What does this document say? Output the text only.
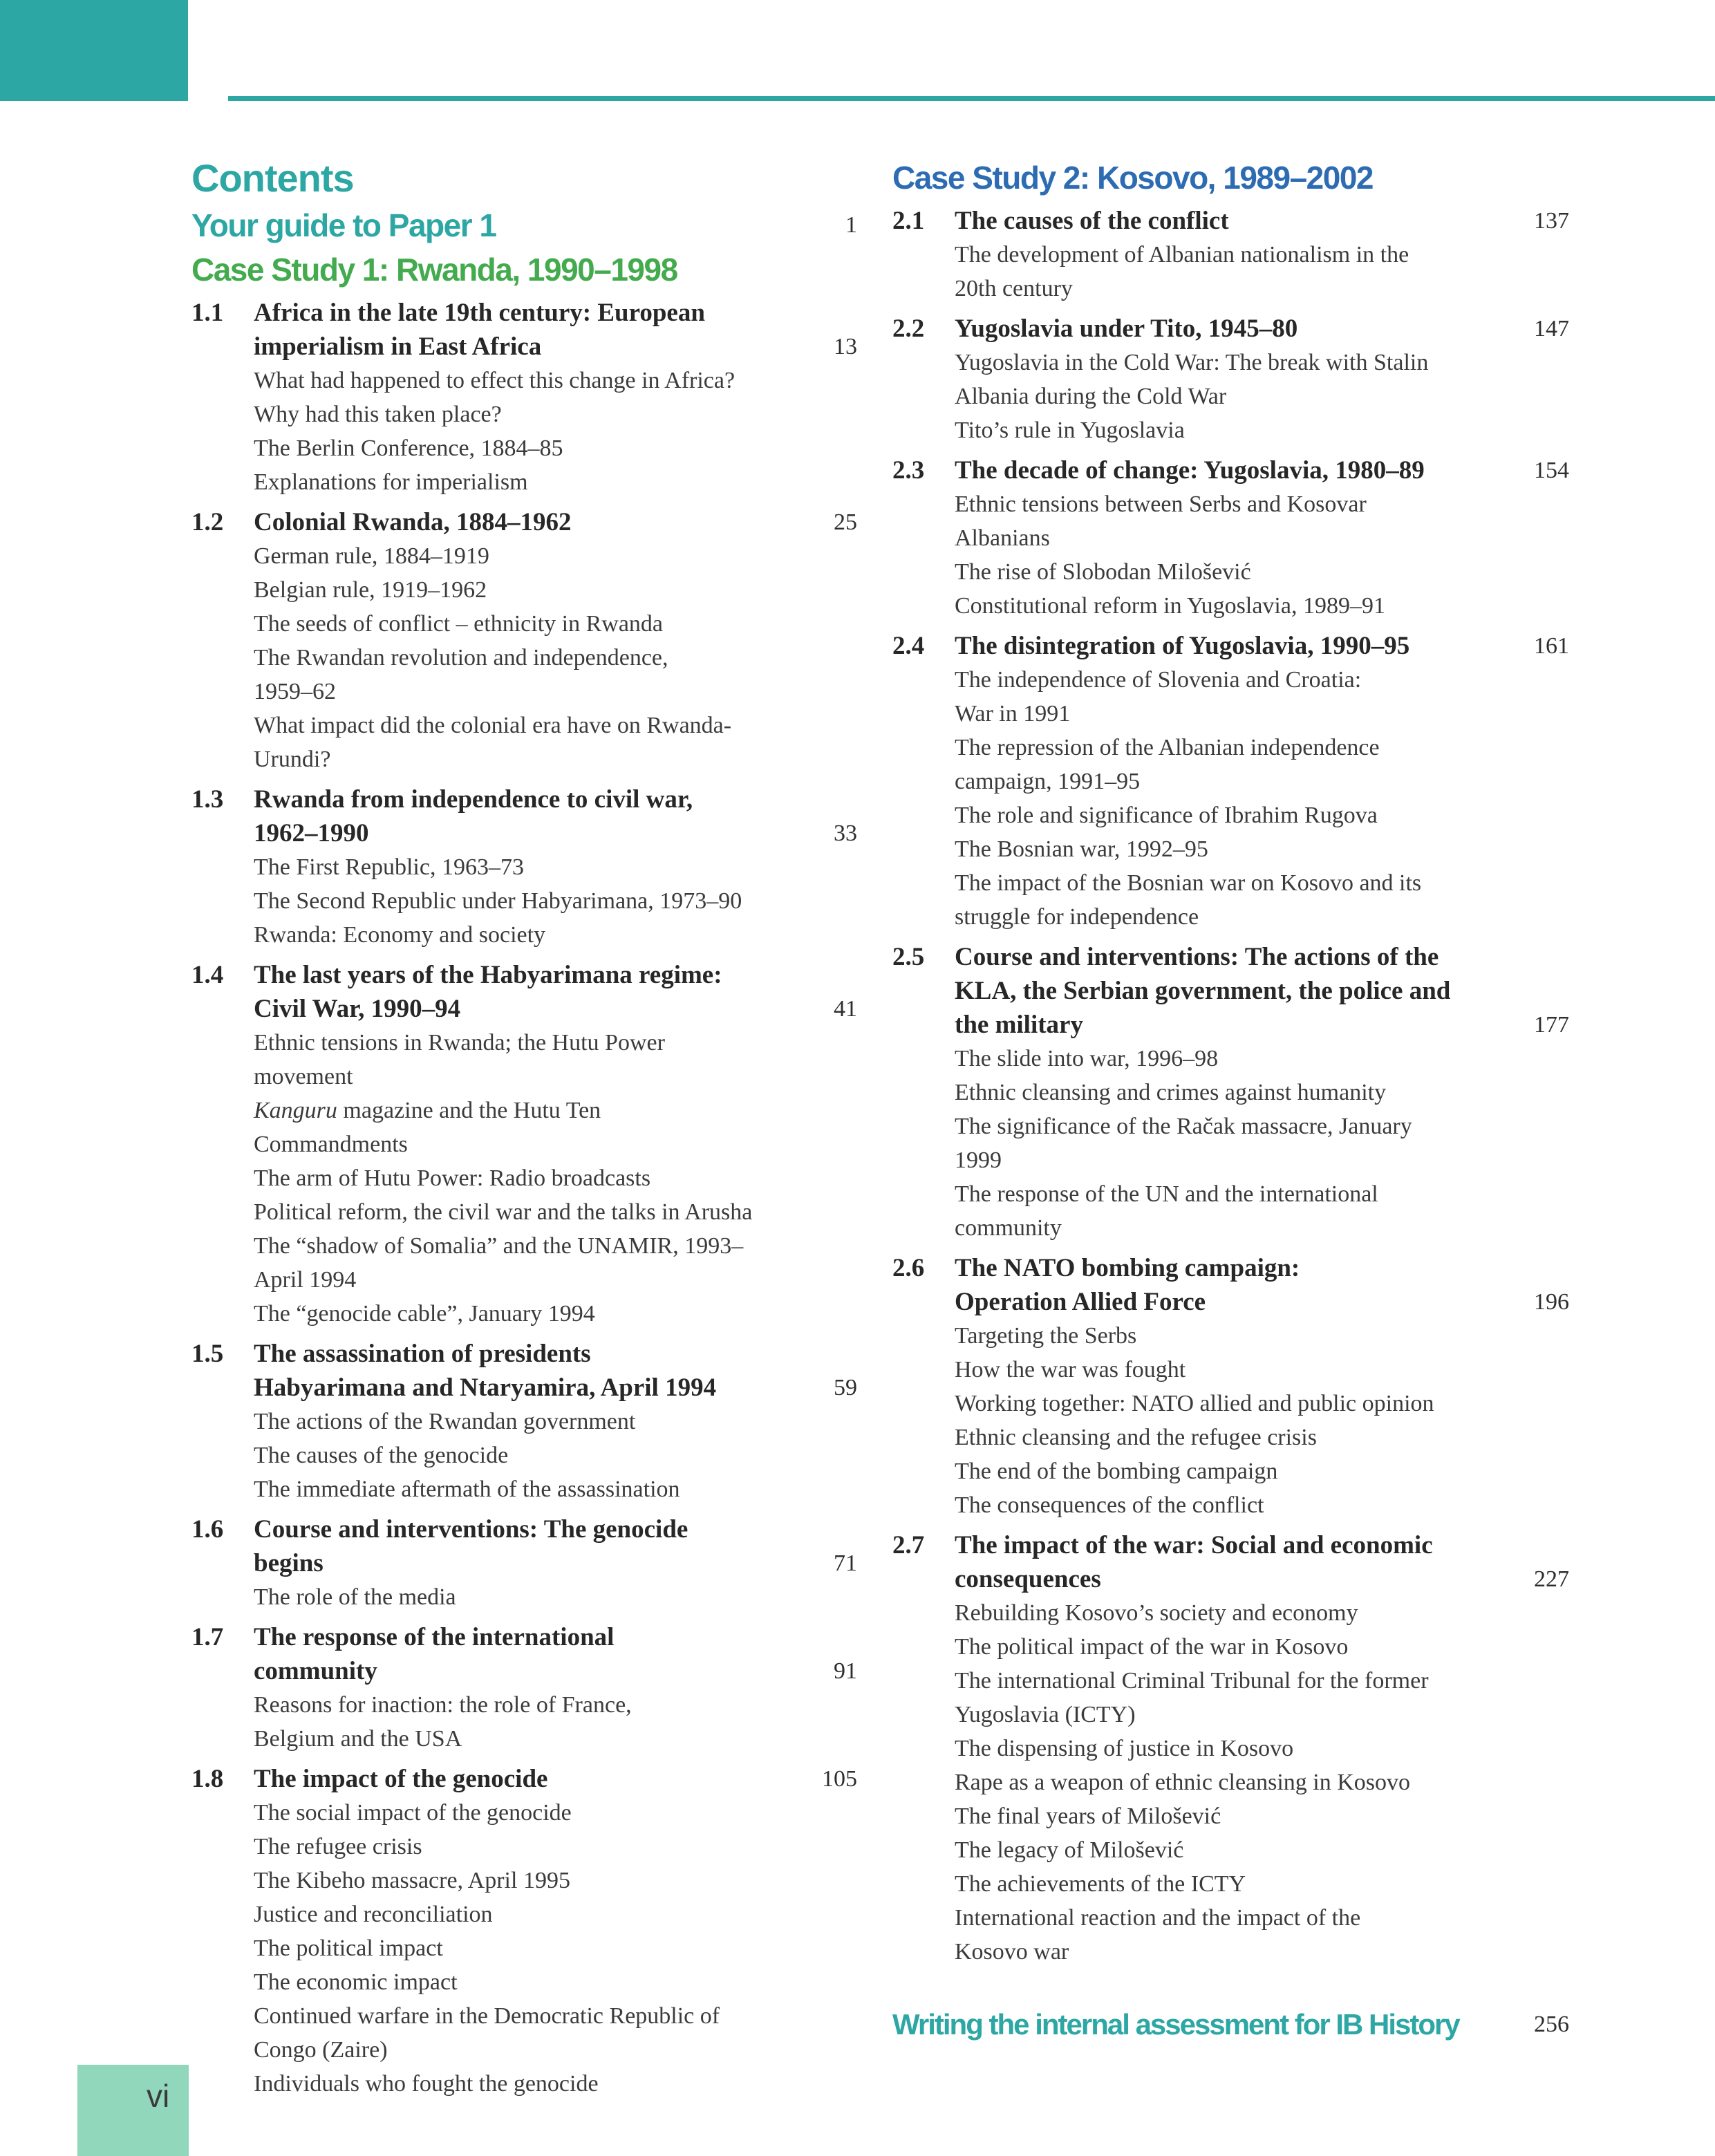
Contents
Your guide to Paper 1	1
Case Study 1: Rwanda, 1990–1998
1.1 Africa in the late 19th century: European
imperialism in East Africa	13
What had happened to effect this change in Africa?
Why had this taken place?
The Berlin Conference, 1884–85
Explanations for imperialism
1.2 Colonial Rwanda, 1884–1962	25
German rule, 1884–1919
Belgian rule, 1919–1962
The seeds of conflict – ethnicity in Rwanda
The Rwandan revolution and independence,
1959–62
What impact did the colonial era have on Rwanda-
Urundi?
1.3 Rwanda from independence to civil war,
1962–1990	33
The First Republic, 1963–73
The Second Republic under Habyarimana, 1973–90
Rwanda: Economy and society
1.4 The last years of the Habyarimana regime:
Civil War, 1990–94	41
Ethnic tensions in Rwanda; the Hutu Power movement
Kanguru magazine and the Hutu Ten
Commandments
The arm of Hutu Power: Radio broadcasts
Political reform, the civil war and the talks in Arusha
The “shadow of Somalia” and the UNAMIR, 1993–
April 1994
The “genocide cable”, January 1994
1.5 The assassination of presidents
Habyarimana and Ntaryamira, April 1994	59
The actions of the Rwandan government
The causes of the genocide
The immediate aftermath of the assassination
1.6 Course and interventions: The genocide
begins	71
The role of the media
1.7 The response of the international
community	91
Reasons for inaction: the role of France,
Belgium and the USA
1.8 The impact of the genocide	105
The social impact of the genocide
The refugee crisis
The Kibeho massacre, April 1995
Justice and reconciliation
The political impact
The economic impact
Continued warfare in the Democratic Republic of
Congo (Zaire)
Individuals who fought the genocide
Case Study 2: Kosovo, 1989–2002
2.1 The causes of the conflict	137
The development of Albanian nationalism in the
20th century
2.2 Yugoslavia under Tito, 1945–80	147
Yugoslavia in the Cold War: The break with Stalin
Albania during the Cold War
Tito’s rule in Yugoslavia
2.3 The decade of change: Yugoslavia, 1980–89	154
Ethnic tensions between Serbs and Kosovar
Albanians
The rise of Slobodan Milošević
Constitutional reform in Yugoslavia, 1989–91
2.4 The disintegration of Yugoslavia, 1990–95	161
The independence of Slovenia and Croatia:
War in 1991
The repression of the Albanian independence
campaign, 1991–95
The role and significance of Ibrahim Rugova
The Bosnian war, 1992–95
The impact of the Bosnian war on Kosovo and its
struggle for independence
2.5 Course and interventions: The actions of the
KLA, the Serbian government, the police and
the military	177
The slide into war, 1996–98
Ethnic cleansing and crimes against humanity
The significance of the Račak massacre, January
1999
The response of the UN and the international
community
2.6 The NATO bombing campaign:
Operation Allied Force	196
Targeting the Serbs
How the war was fought
Working together: NATO allied and public opinion
Ethnic cleansing and the refugee crisis
The end of the bombing campaign
The consequences of the conflict
2.7 The impact of the war: Social and economic
consequences	227
Rebuilding Kosovo’s society and economy
The political impact of the war in Kosovo
The international Criminal Tribunal for the former
Yugoslavia (ICTY)
The dispensing of justice in Kosovo
Rape as a weapon of ethnic cleansing in Kosovo
The final years of Milošević
The legacy of Milošević
The achievements of the ICTY
International reaction and the impact of the
Kosovo war
Writing the internal assessment for IB History	256
vi
